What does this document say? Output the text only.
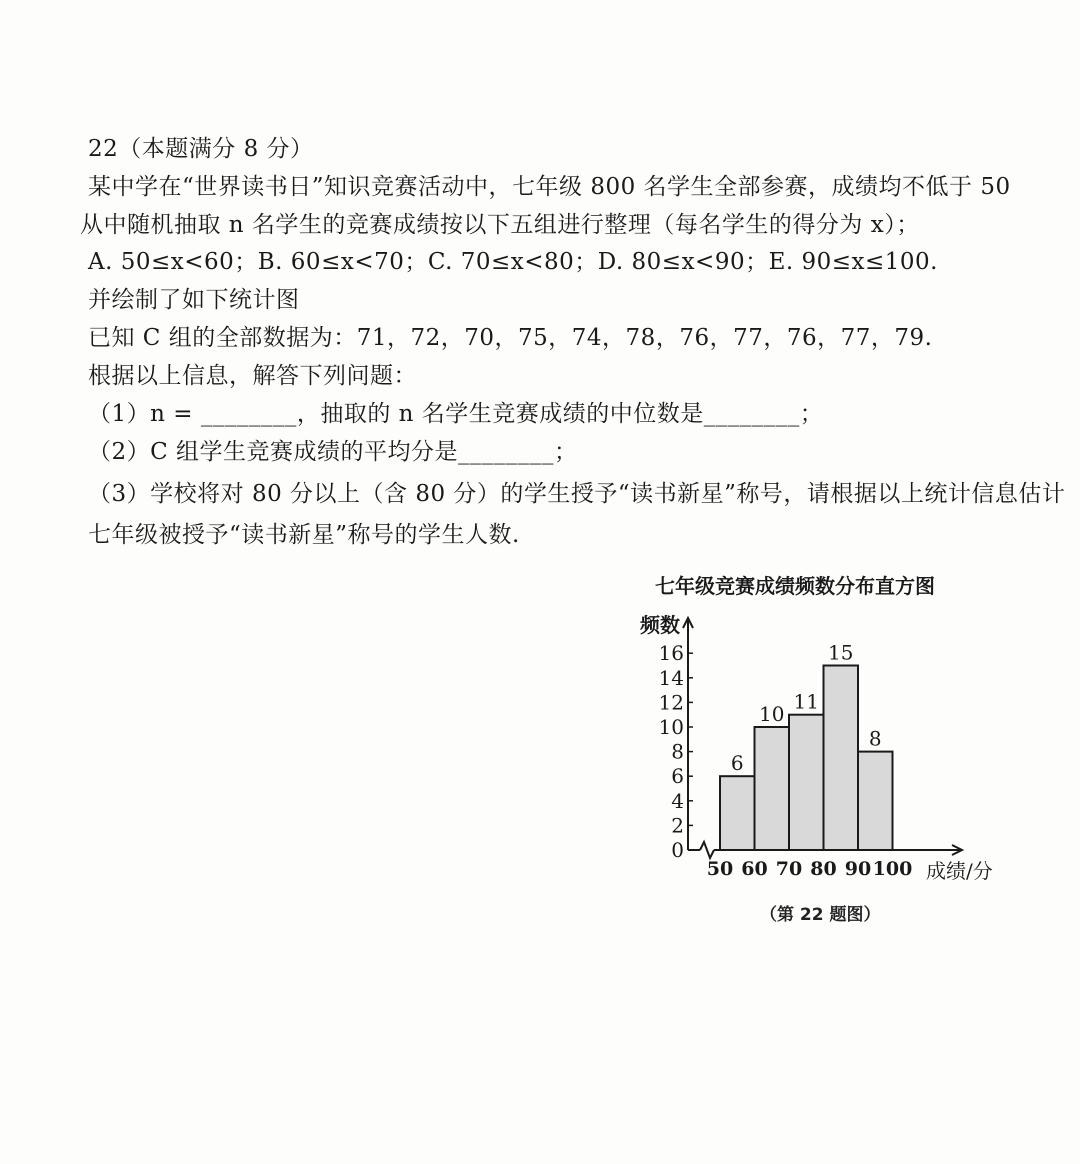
22（本题满分 8 分）
某中学在“世界读书日”知识竞赛活动中，七年级 800 名学生全部参赛，成绩均不低于 50
从中随机抽取 n 名学生的竞赛成绩按以下五组进行整理（每名学生的得分为 x）；
A. 50≤x<60；B. 60≤x<70；C. 70≤x<80；D. 80≤x<90；E. 90≤x≤100.
并绘制了如下统计图
已知 C 组的全部数据为：71，72，70，75，74，78，76，77，76，77，79.
根据以上信息，解答下列问题：
（1）n = ________，抽取的 n 名学生竞赛成绩的中位数是________；
（2）C 组学生竞赛成绩的平均分是________；
（3）学校将对 80 分以上（含 80 分）的学生授予“读书新星”称号，请根据以上统计信息估计
七年级被授予“读书新星”称号的学生人数.
七年级竞赛成绩频数分布直方图
频数
0
2
4
6
8
10
12
14
16
6
10
11
15
8
50 60 70 80 90 100 成绩/分
（第 22 题图）
